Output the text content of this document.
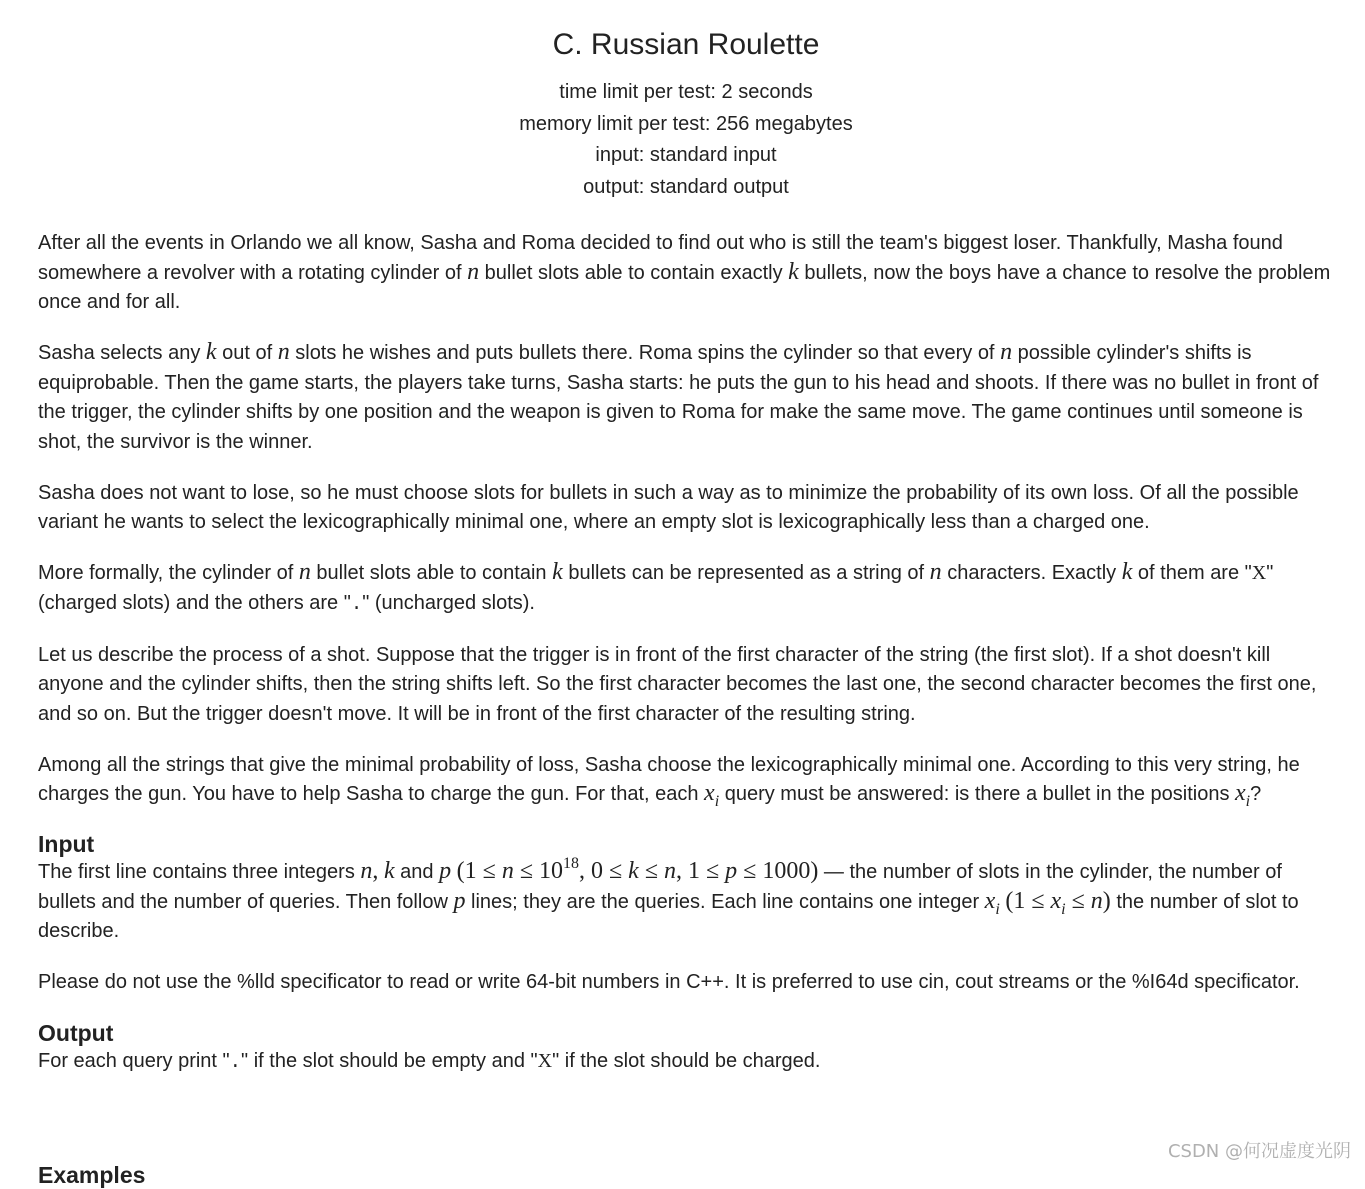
C. Russian Roulette
time limit per test: 2 seconds
memory limit per test: 256 megabytes
input: standard input
output: standard output

After all the events in Orlando we all know, Sasha and Roma decided to find out who is still the team's biggest loser. Thankfully, Masha found somewhere a revolver with a rotating cylinder of n bullet slots able to contain exactly k bullets, now the boys have a chance to resolve the problem once and for all.

Sasha selects any k out of n slots he wishes and puts bullets there. Roma spins the cylinder so that every of n possible cylinder's shifts is equiprobable. Then the game starts, the players take turns, Sasha starts: he puts the gun to his head and shoots. If there was no bullet in front of the trigger, the cylinder shifts by one position and the weapon is given to Roma for make the same move. The game continues until someone is shot, the survivor is the winner.

Sasha does not want to lose, so he must choose slots for bullets in such a way as to minimize the probability of its own loss. Of all the possible variant he wants to select the lexicographically minimal one, where an empty slot is lexicographically less than a charged one.

More formally, the cylinder of n bullet slots able to contain k bullets can be represented as a string of n characters. Exactly k of them are "X" (charged slots) and the others are "." (uncharged slots).

Let us describe the process of a shot. Suppose that the trigger is in front of the first character of the string (the first slot). If a shot doesn't kill anyone and the cylinder shifts, then the string shifts left. So the first character becomes the last one, the second character becomes the first one, and so on. But the trigger doesn't move. It will be in front of the first character of the resulting string.

Among all the strings that give the minimal probability of loss, Sasha choose the lexicographically minimal one. According to this very string, he charges the gun. You have to help Sasha to charge the gun. For that, each $x_i$ query must be answered: is there a bullet in the positions $x_i$?

Input

The first line contains three integers n, k and p ($1 \le n \le 10^{18}$, 0 ≤ k ≤ n, 1 ≤ p ≤ 1000) — the number of slots in the cylinder, the number of bullets and the number of queries. Then follow p lines; they are the queries. Each line contains one integer $x_i$ $(1 \le x_i \le n)$ the number of slot to describe.

Please do not use the %lld specificator to read or write 64-bit numbers in C++. It is preferred to use cin, cout streams or the %I64d specificator.

Output

For each query print "." if the slot should be empty and "X" if the slot should be charged.

Examples
CSDN @何况虚度光阴
